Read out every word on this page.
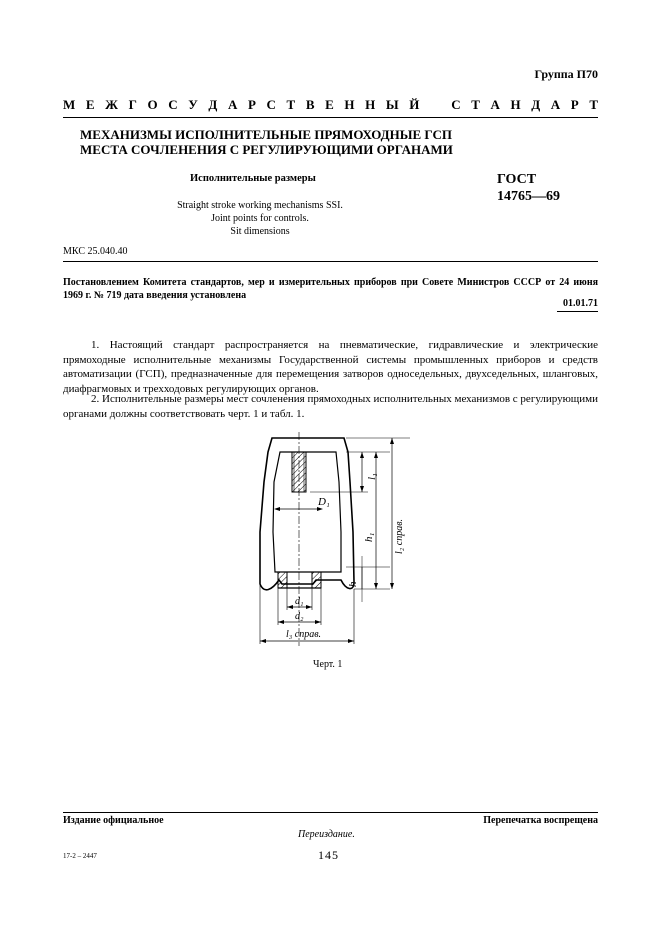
Группа П70
М Е Ж Г О С У Д А Р С Т В Е Н Н Ы Й С Т А Н Д А Р Т
МЕХАНИЗМЫ ИСПОЛНИТЕЛЬНЫЕ ПРЯМОХОДНЫЕ ГСП
МЕСТА СОЧЛЕНЕНИЯ С РЕГУЛИРУЮЩИМИ ОРГАНАМИ
Исполнительные размеры	ГОСТ
14765—69
Straight stroke working mechanisms SSI.
Joint points for controls.
Sit dimensions
МКС 25.040.40
Постановлением Комитета стандартов, мер и измерительных приборов при Совете Министров СССР от 24 июня 1969 г. № 719 дата введения установлена
01.01.71
1. Настоящий стандарт распространяется на пневматические, гидравлические и электрические прямоходные исполнительные механизмы Государственной системы промышленных приборов и средств автоматизации (ГСП), предназначенные для перемещения затворов односедельных, двухседельных, шланговых, диафрагмовых и трехходовых регулирующих органов.
2. Исполнительные размеры мест сочленения прямоходных исполнительных механизмов с регулирующими органами должны соответствовать черт. 1 и табл. 1.
D₁
l₁
h₁ l₂ справ.
h
d₁
d₂
l₃ справ.
Черт. 1
Издание официальное	Перепечатка воспрещена
Переиздание.
145
17-2 – 2447
